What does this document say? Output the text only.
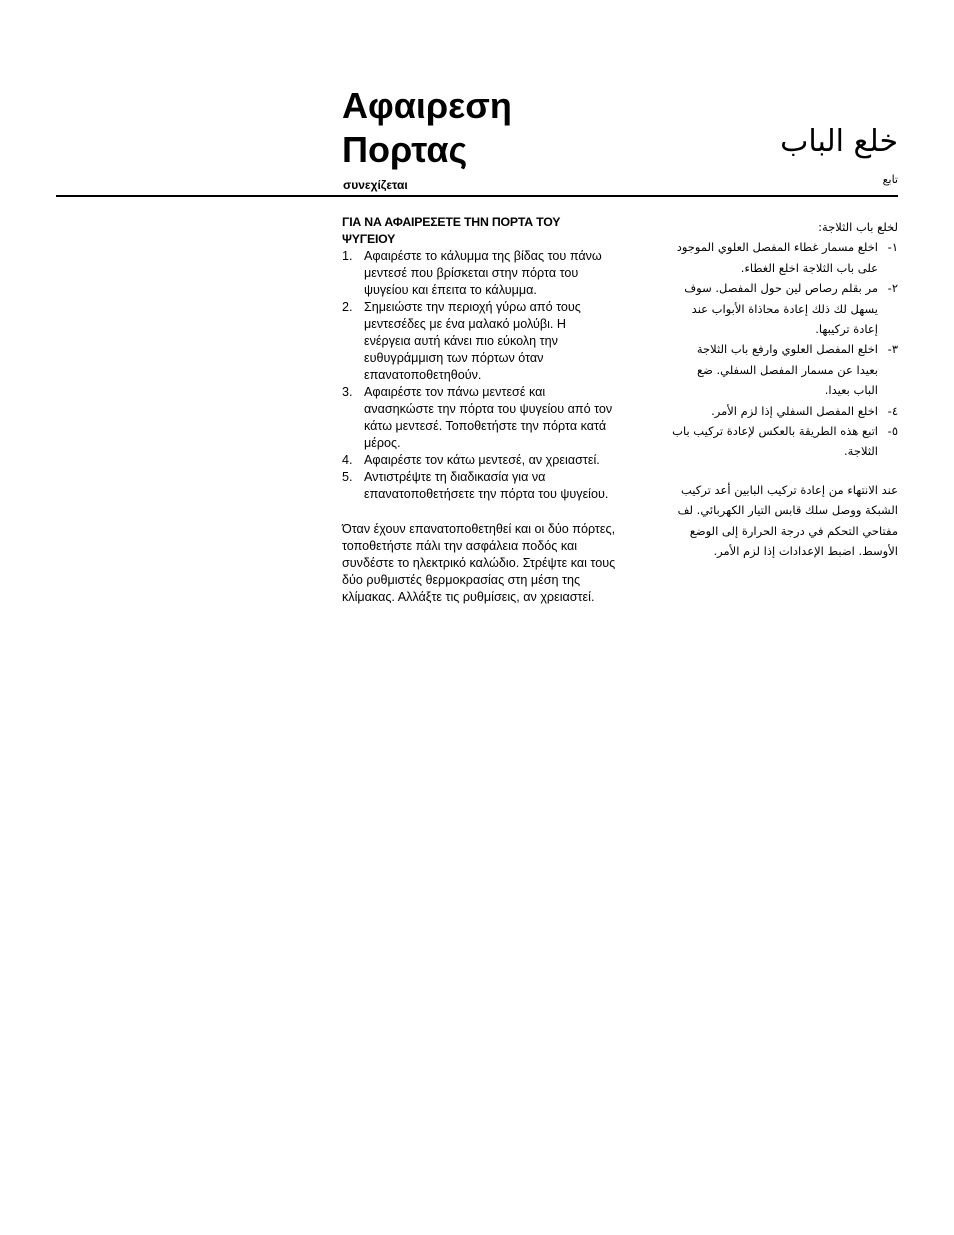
Αφαιρεση
Πορτας
συνεχίζεται
خلع الباب
تابع
ΓΙΑ ΝΑ ΑΦΑΙΡΕΣΕΤΕ ΤΗΝ ΠΟΡΤΑ ΤΟΥ ΨΥΓΕΙΟΥ
1. Αφαιρέστε το κάλυμμα της βίδας του πάνω μεντεσέ που βρίσκεται στην πόρτα του ψυγείου και έπειτα το κάλυμμα.
2. Σημειώστε την περιοχή γύρω από τους μεντεσέδες με ένα μαλακό μολύβι. Η ενέργεια αυτή κάνει πιο εύκολη την ευθυγράμμιση των πόρτων όταν επανατοποθετηθούν.
3. Αφαιρέστε τον πάνω μεντεσέ και ανασηκώστε την πόρτα του ψυγείου από τον κάτω μεντεσέ. Τοποθετήστε την πόρτα κατά μέρος.
4. Αφαιρέστε τον κάτω μεντεσέ, αν χρειαστεί.
5. Αντιστρέψτε τη διαδικασία για να επανατοποθετήσετε την πόρτα του ψυγείου.

Όταν έχουν επανατοποθετηθεί και οι δύο πόρτες, τοποθετήστε πάλι την ασφάλεια ποδός και συνδέστε το ηλεκτρικό καλώδιο. Στρέψτε και τους δύο ρυθμιστές θερμοκρασίας στη μέση της κλίμακας. Αλλάξτε τις ρυθμίσεις, αν χρειαστεί.

لخلع باب الثلاجة:
١-
اخلع مسمار غطاء المفصل العلوي الموجود على باب الثلاجة اخلع الغطاء.
٢-
مر بقلم رصاص لين حول المفصل. سوف يسهل لك ذلك إعادة محاذاة الأبواب عند إعادة تركيبها.
٣-
اخلع المفصل العلوي وارفع باب الثلاجة بعيدا عن مسمار المفصل السفلي. ضع الباب بعيدا.
٤-
اخلع المفصل السفلي إذا لزم الأمر.
٥-
اتبع هذه الطريقة بالعكس لإعادة تركيب باب الثلاجة.

عند الانتهاء من إعادة تركيب البابين أعد تركيب الشبكة ووصل سلك قابس التيار الكهربائي. لف مفتاحي التحكم في درجة الحرارة إلى الوضع الأوسط. اضبط الإعدادات إذا لزم الأمر.
